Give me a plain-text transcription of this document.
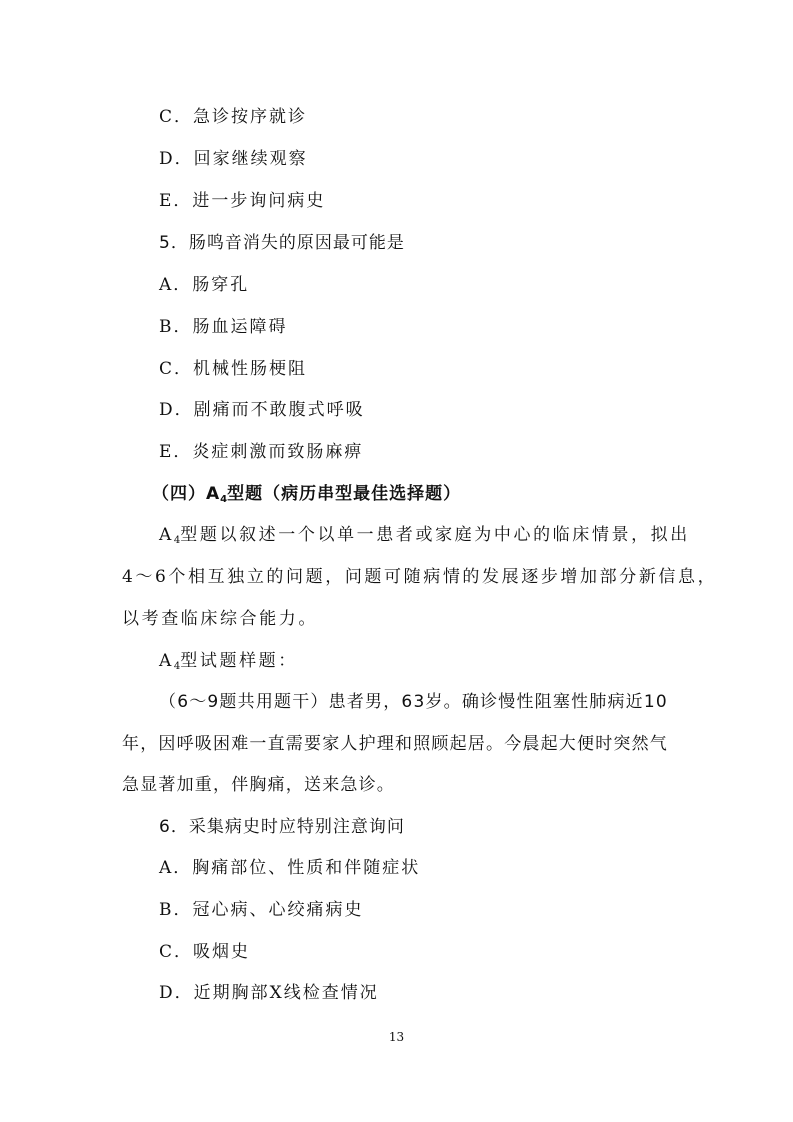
C．急诊按序就诊
D．回家继续观察
E．进一步询问病史
5．肠鸣音消失的原因最可能是
A．肠穿孔
B．肠血运障碍
C．机械性肠梗阻
D．剧痛而不敢腹式呼吸
E．炎症刺激而致肠麻痹
（四）$A_4$型题（病历串型最佳选择题）
$A_4$型题以叙述一个以单一患者或家庭为中心的临床情景，拟出
4～6个相互独立的问题，问题可随病情的发展逐步增加部分新信息，
以考查临床综合能力。
$A_4$型试题样题：
（6～9题共用题干）患者男，63岁。确诊慢性阻塞性肺病近10
年，因呼吸困难一直需要家人护理和照顾起居。今晨起大便时突然气
急显著加重，伴胸痛，送来急诊。
6．采集病史时应特别注意询问
A．胸痛部位、性质和伴随症状
B．冠心病、心绞痛病史
C．吸烟史
D．近期胸部X线检查情况
13
